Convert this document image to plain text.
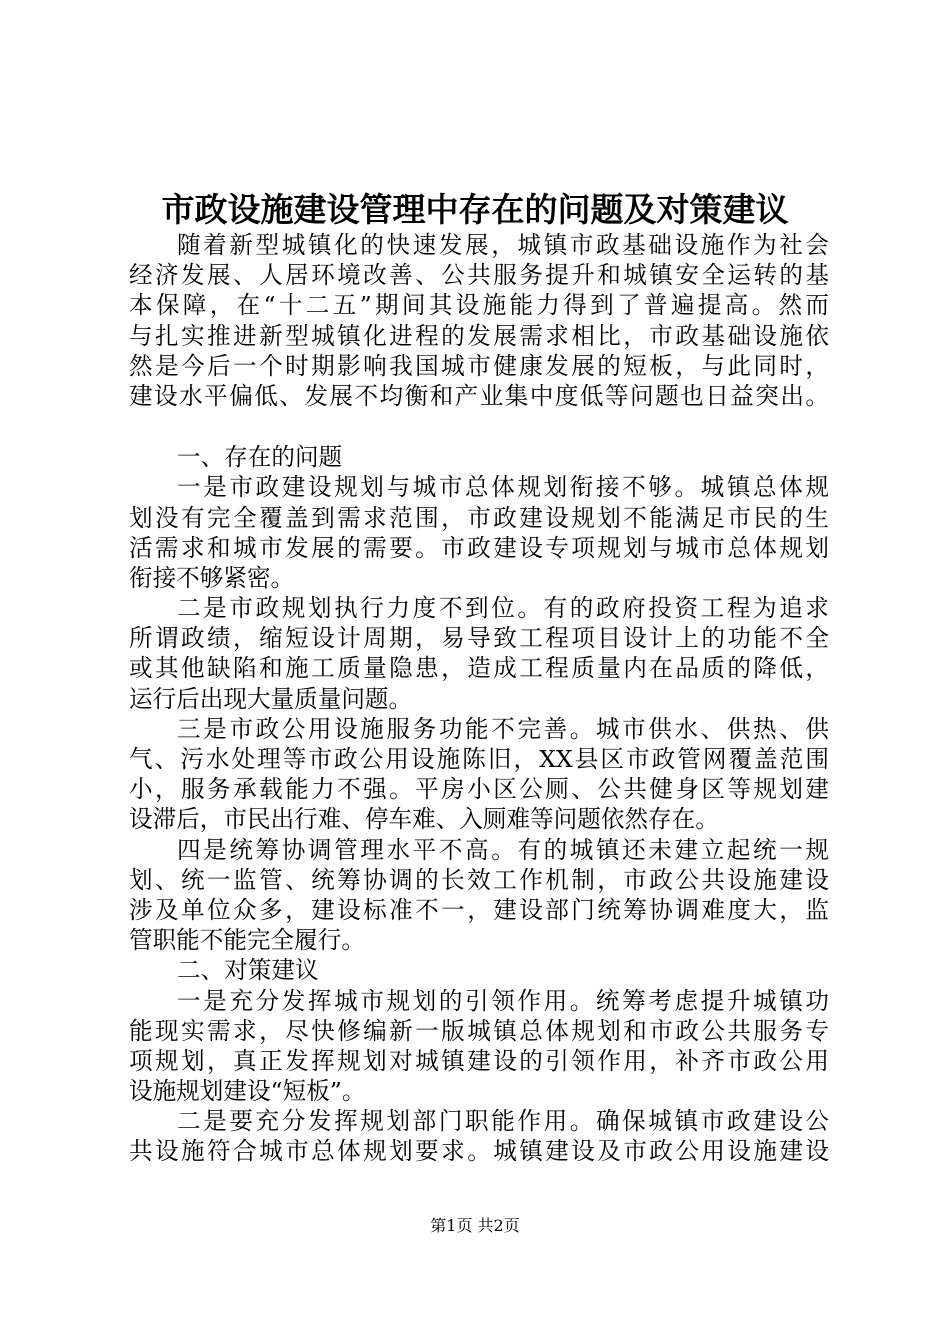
市政设施建设管理中存在的问题及对策建议
随着新型城镇化的快速发展，城镇市政基础设施作为社会
经济发展、人居环境改善、公共服务提升和城镇安全运转的基
本保障，在“十二五”期间其设施能力得到了普遍提高。然而
与扎实推进新型城镇化进程的发展需求相比，市政基础设施依
然是今后一个时期影响我国城市健康发展的短板，与此同时，
建设水平偏低、发展不均衡和产业集中度低等问题也日益突出。
一、存在的问题
一是市政建设规划与城市总体规划衔接不够。城镇总体规
划没有完全覆盖到需求范围，市政建设规划不能满足市民的生
活需求和城市发展的需要。市政建设专项规划与城市总体规划
衔接不够紧密。
二是市政规划执行力度不到位。有的政府投资工程为追求
所谓政绩，缩短设计周期，易导致工程项目设计上的功能不全
或其他缺陷和施工质量隐患，造成工程质量内在品质的降低，
运行后出现大量质量问题。
三是市政公用设施服务功能不完善。城市供水、供热、供
气、污水处理等市政公用设施陈旧，XX县区市政管网覆盖范围
小，服务承载能力不强。平房小区公厕、公共健身区等规划建
设滞后，市民出行难、停车难、入厕难等问题依然存在。
四是统筹协调管理水平不高。有的城镇还未建立起统一规
划、统一监管、统筹协调的长效工作机制，市政公共设施建设
涉及单位众多，建设标准不一，建设部门统筹协调难度大，监
管职能不能完全履行。
二、对策建议
一是充分发挥城市规划的引领作用。统筹考虑提升城镇功
能现实需求，尽快修编新一版城镇总体规划和市政公共服务专
项规划，真正发挥规划对城镇建设的引领作用，补齐市政公用
设施规划建设“短板”。
二是要充分发挥规划部门职能作用。确保城镇市政建设公
共设施符合城市总体规划要求。城镇建设及市政公用设施建设
第1页 共2页
